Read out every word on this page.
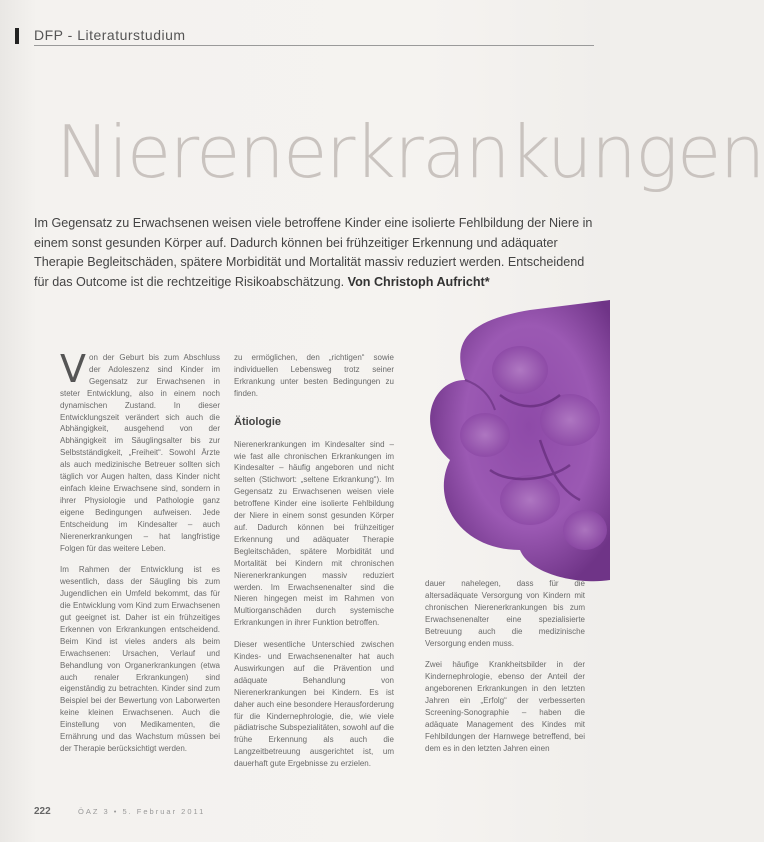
DFP - Literaturstudium
Nierenerkrankungen
Im Gegensatz zu Erwachsenen weisen viele betroffene Kinder eine isolierte Fehlbildung der Niere in einem sonst gesunden Körper auf. Dadurch können bei frühzeitiger Erkennung und adäquater Therapie Begleitschäden, spätere Morbidität und Mortalität massiv reduziert werden. Entscheidend für das Outcome ist die rechtzeitige Risikoabschätzung. Von Christoph Aufricht*

Von der Geburt bis zum Abschluss der Adoleszenz sind Kinder im Gegensatz zur Erwachsenen in steter Entwicklung, also in einem noch dynamischen Zustand. In dieser Entwicklungszeit verändert sich auch die Abhängigkeit, ausgehend von der Abhängigkeit im Säuglingsalter bis zur Selbstständigkeit, „Freiheit“. Sowohl Ärzte als auch medizinische Betreuer sollten sich täglich vor Augen halten, dass Kinder nicht einfach kleine Erwachsene sind, sondern in ihrer Physiologie und Pathologie ganz eigene Bedingungen aufweisen. Jede Entscheidung im Kindesalter – auch Nierenerkrankungen – hat langfristige Folgen für das weitere Leben.

Im Rahmen der Entwicklung ist es wesentlich, dass der Säugling bis zum Jugendlichen ein Umfeld bekommt, das für die Entwicklung vom Kind zum Erwachsenen gut geeignet ist. Daher ist ein frühzeitiges Erkennen von Erkrankungen entscheidend. Beim Kind ist vieles anders als beim Erwachsenen: Ursachen, Verlauf und Behandlung von Organerkrankungen (etwa auch renaler Erkrankungen) sind eigenständig zu betrachten. Kinder sind zum Beispiel bei der Bewertung von Laborwerten keine kleinen Erwachsenen. Auch die Einstellung von Medikamenten, die Ernährung und das Wachstum müssen bei der Therapie berücksichtigt werden.

zu ermöglichen, den „richtigen“ sowie individuellen Lebensweg trotz seiner Erkrankung unter besten Bedingungen zu finden.

Ätiologie

Nierenerkrankungen im Kindesalter sind – wie fast alle chronischen Erkrankungen im Kindesalter – häufig angeboren und nicht selten (Stichwort: „seltene Erkrankung“). Im Gegensatz zu Erwachsenen weisen viele betroffene Kinder eine isolierte Fehlbildung der Niere in einem sonst gesunden Körper auf. Dadurch können bei frühzeitiger Erkennung und adäquater Therapie Begleitschäden, spätere Morbidität und Mortalität bei Kindern mit chronischen Nierenerkrankungen massiv reduziert werden. Im Erwachsenenalter sind die Nieren hingegen meist im Rahmen von Multiorganschäden durch systemische Erkrankungen in ihrer Funktion betroffen.

Dieser wesentliche Unterschied zwischen Kindes- und Erwachsenenalter hat auch Auswirkungen auf die Prävention und adäquate Behandlung von Nierenerkrankungen bei Kindern. Es ist daher auch eine besondere Herausforderung für die Kindernephrologie, die, wie viele pädiatrische Subspezialitäten, sowohl auf die frühe Erkennung als auch die Langzeitbetreuung ausgerichtet ist, um dauerhaft gute Ergebnisse zu erzielen.

dauer nahelegen, dass für die altersadäquate Versorgung von Kindern mit chronischen Nierenerkrankungen bis zum Erwachsenenalter eine spezialisierte Betreuung auch die medizinische Versorgung enden muss.

Zwei häufige Krankheitsbilder in der Kindernephrologie, ebenso der Anteil der angeborenen Erkrankungen in den letzten Jahren ein „Erfolg“ der verbesserten Screening-Sonographie – haben die adäquate Management des Kindes mit Fehlbildungen der Harnwege betreffend, bei dem es in den letzten Jahren einen

222	ÖAZ 3 • 5. Februar 2011
